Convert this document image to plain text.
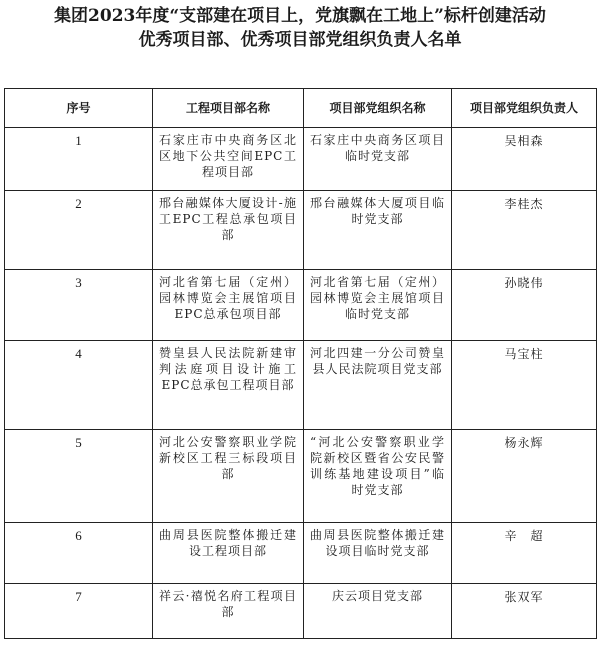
集团2023年度“支部建在项目上，党旗飘在工地上”标杆创建活动
优秀项目部、优秀项目部党组织负责人名单
序号	工程项目部名称	项目部党组织名称	项目部党组织负责人
1	石家庄市中央商务区北区地下公共空间EPC工程项目部	石家庄中央商务区项目临时党支部	吴相森
2	邢台融媒体大厦设计-施工EPC工程总承包项目部	邢台融媒体大厦项目临时党支部	李桂杰
3	河北省第七届（定州）园林博览会主展馆项目EPC总承包项目部	河北省第七届（定州）园林博览会主展馆项目临时党支部	孙晓伟
4	赞皇县人民法院新建审判法庭项目设计施工EPC总承包工程项目部	河北四建一分公司赞皇县人民法院项目党支部	马宝柱
5	河北公安警察职业学院新校区工程三标段项目部	“河北公安警察职业学院新校区暨省公安民警训练基地建设项目”临时党支部	杨永辉
6	曲周县医院整体搬迁建设工程项目部	曲周县医院整体搬迁建设项目临时党支部	辛　超
7	祥云·禧悦名府工程项目部	庆云项目党支部	张双军
